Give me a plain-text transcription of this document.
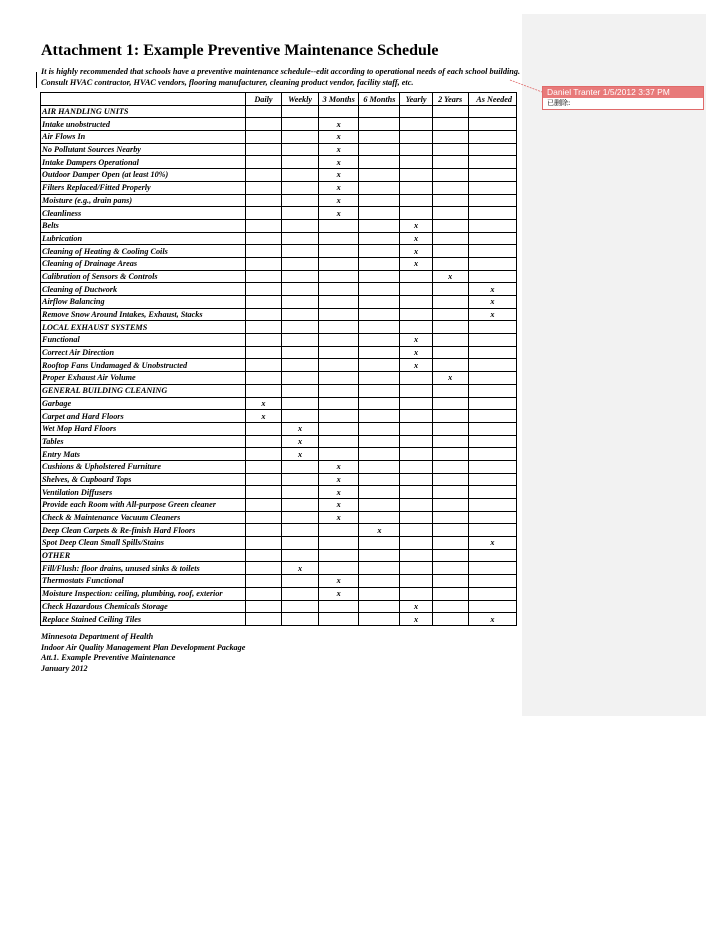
Daniel Tranter 1/5/2012 3:37 PM
已删除:
Attachment 1: Example Preventive Maintenance Schedule

It is highly recommended that schools have a preventive maintenance schedule--edit according to operational needs of each school building. Consult HVAC contractor, HVAC vendors, flooring manufacturer, cleaning product vendor, facility staff, etc.

	Daily	Weekly	3 Months	6 Months	Yearly	2 Years	As Needed
AIR HANDLING UNITS							
Intake unobstructed			x				
Air Flows In			x				
No Pollutant Sources Nearby			x				
Intake Dampers Operational			x				
Outdoor Damper Open (at least 10%)			x				
Filters Replaced/Fitted Properly			x				
Moisture (e.g., drain pans)			x				
Cleanliness			x				
Belts					x		
Lubrication					x		
Cleaning of Heating & Cooling Coils					x		
Cleaning of Drainage Areas					x		
Calibration of Sensors & Controls						x	
Cleaning of Ductwork							x
Airflow Balancing							x
Remove Snow Around Intakes, Exhaust, Stacks							x
LOCAL EXHAUST SYSTEMS							
Functional					x		
Correct Air Direction					x		
Rooftop Fans Undamaged & Unobstructed					x		
Proper Exhaust Air Volume						x	
GENERAL BUILDING CLEANING							
Garbage	x						
Carpet and Hard Floors	x						
Wet Mop Hard Floors		x					
Tables		x					
Entry Mats		x					
Cushions & Upholstered Furniture			x				
Shelves, & Cupboard Tops			x				
Ventilation Diffusers			x				
Provide each Room with All-purpose Green cleaner			x				
Check & Maintenance Vacuum Cleaners			x				
Deep Clean Carpets & Re-finish Hard Floors				x			
Spot Deep Clean Small Spills/Stains							x
OTHER							
Fill/Flush: floor drains, unused sinks & toilets		x					
Thermostats Functional			x				
Moisture Inspection: ceiling, plumbing, roof, exterior			x				
Check Hazardous Chemicals Storage					x		
Replace Stained Ceiling Tiles					x		x
Minnesota Department of Health
Indoor Air Quality Management Plan Development Package
Att.1. Example Preventive Maintenance
January 2012
